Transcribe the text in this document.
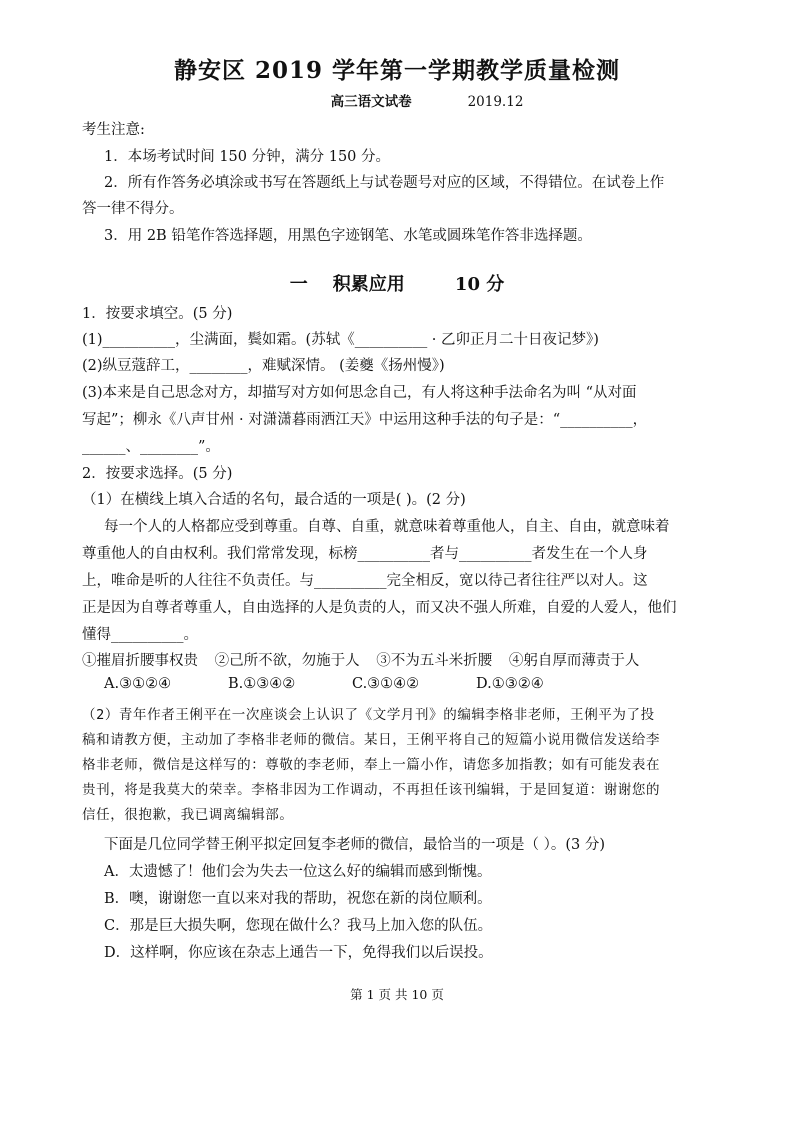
静安区 2019 学年第一学期教学质量检测
高三语文试卷	2019.12
考生注意:
1．本场考试时间 150 分钟，满分 150 分。
2．所有作答务必填涂或书写在答题纸上与试卷题号对应的区域，不得错位。在试卷上作
答一律不得分。
3．用 2B 铅笔作答选择题，用黑色字迹钢笔、水笔或圆珠笔作答非选择题。
一    积累应用        10 分
1．按要求填空。(5 分)
(1)__________，尘满面，鬓如霜。(苏轼《__________ · 乙卯正月二十日夜记梦》)
(2)纵豆蔻辞工，________，难赋深情。 (姜夔《扬州慢》)
(3)本来是自己思念对方，却描写对方如何思念自己，有人将这种手法命名为叫 “从对面
写起”；柳永《八声甘州 · 对潇潇暮雨洒江天》中运用这种手法的句子是：“__________，
______、________”。
2．按要求选择。(5 分)
（1）在横线上填入合适的名句，最合适的一项是( )。(2 分)
每一个人的人格都应受到尊重。自尊、自重，就意味着尊重他人，自主、自由，就意味着
尊重他人的自由权利。我们常常发现，标榜__________者与__________者发生在一个人身
上，唯命是听的人往往不负责任。与__________完全相反，宽以待己者往往严以对人。这
正是因为自尊者尊重人，自由选择的人是负责的人，而又决不强人所难，自爱的人爱人，他们
懂得__________。
①摧眉折腰事权贵 ②己所不欲，勿施于人 ③不为五斗米折腰 ④躬自厚而薄责于人
A.③①②④	B.①③④②	C.③①④②	D.①③②④
（2）青年作者王俐平在一次座谈会上认识了《文学月刊》的编辑李格非老师，王俐平为了投
稿和请教方便，主动加了李格非老师的微信。某日，王俐平将自己的短篇小说用微信发送给李
格非老师，微信是这样写的：尊敬的李老师，奉上一篇小作，请您多加指教；如有可能发表在
贵刊，将是我莫大的荣幸。李格非因为工作调动，不再担任该刊编辑，于是回复道：谢谢您的
信任，很抱歉，我已调离编辑部。
下面是几位同学替王俐平拟定回复李老师的微信，最恰当的一项是（ ）。(3 分)
A．太遗憾了！他们会为失去一位这么好的编辑而感到惭愧。
B．噢，谢谢您一直以来对我的帮助，祝您在新的岗位顺利。
C．那是巨大损失啊，您现在做什么？我马上加入您的队伍。
D．这样啊，你应该在杂志上通告一下，免得我们以后误投。
第 1 页 共 10 页
